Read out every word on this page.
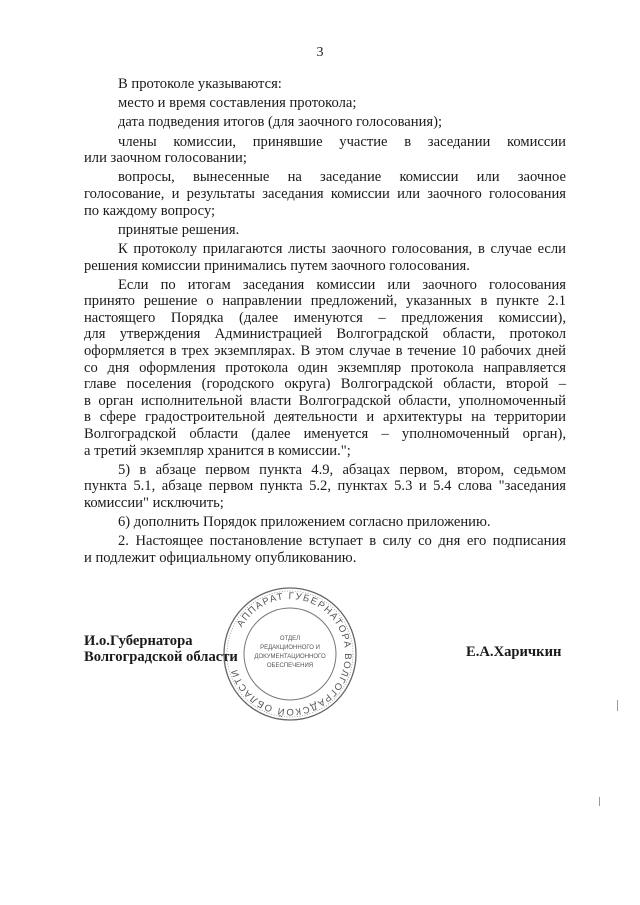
3

В протоколе указываются:

место и время составления протокола;

дата подведения итогов (для заочного голосования);

члены комиссии, принявшие участие в заседании комиссии
или заочном голосовании;

вопросы, вынесенные на заседание комиссии или заочное
голосование, и результаты заседания комиссии или заочного голосования
по каждому вопросу;

принятые решения.

К протоколу прилагаются листы заочного голосования, в случае если
решения комиссии принимались путем заочного голосования.

Если по итогам заседания комиссии или заочного голосования
принято решение о направлении предложений, указанных в пункте 2.1
настоящего Порядка (далее именуются – предложения комиссии),
для утверждения Администрацией Волгоградской области, протокол
оформляется в трех экземплярах. В этом случае в течение 10 рабочих дней
со дня оформления протокола один экземпляр протокола направляется
главе поселения (городского округа) Волгоградской области, второй –
в орган исполнительной власти Волгоградской области, уполномоченный
в сфере градостроительной деятельности и архитектуры на территории
Волгоградской области (далее именуется – уполномоченный орган),
а третий экземпляр хранится в комиссии.";

5) в абзаце первом пункта 4.9, абзацах первом, втором, седьмом
пункта 5.1, абзаце первом пункта 5.2, пунктах 5.3 и 5.4 слова "заседания
комиссии" исключить;

6) дополнить Порядок приложением согласно приложению.

2. Настоящее постановление вступает в силу со дня его подписания
и подлежит официальному опубликованию.

И.о.Губернатора
Волгоградской области	Е.А.Харичкин
АППАРАТ ГУБЕРНАТОРА ВОЛГОГРАДСКОЙ ОБЛАСТИ
ОТДЕЛ
РЕДАКЦИОННОГО И
ДОКУМЕНТАЦИОННОГО
ОБЕСПЕЧЕНИЯ
